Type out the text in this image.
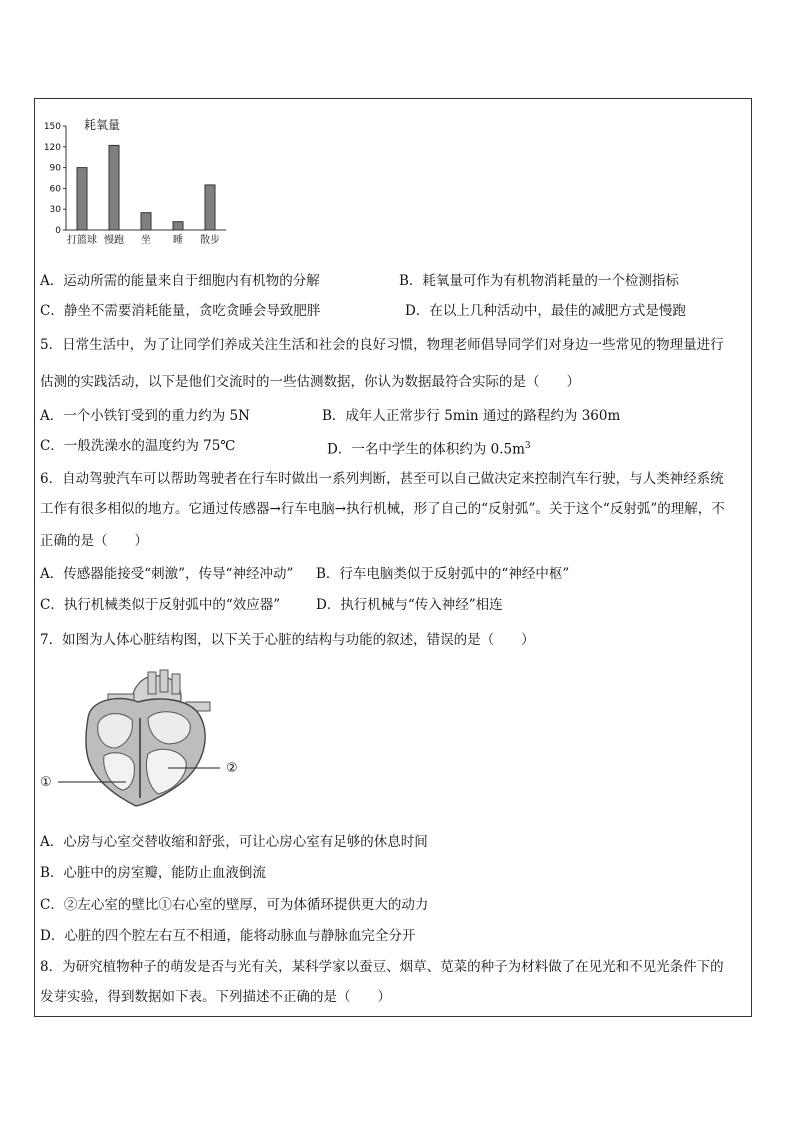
0
30
60
90
120
150
打篮球 慢跑 坐 睡 散步
耗氧量
A．运动所需的能量来自于细胞内有机物的分解	B．耗氧量可作为有机物消耗量的一个检测指标
C．静坐不需要消耗能量，贪吃贪睡会导致肥胖	D．在以上几种活动中，最佳的减肥方式是慢跑
5．日常生活中，为了让同学们养成关注生活和社会的良好习惯，物理老师倡导同学们对身边一些常见的物理量进行
估测的实践活动，以下是他们交流时的一些估测数据，你认为数据最符合实际的是（　　）
A．一个小铁钉受到的重力约为 5N	B．成年人正常步行 5min 通过的路程约为 360m
C．一般洗澡水的温度约为 75℃	D．一名中学生的体积约为 $0.5m^3$
6．自动驾驶汽车可以帮助驾驶者在行车时做出一系列判断，甚至可以自己做决定来控制汽车行驶，与人类神经系统
工作有很多相似的地方。它通过传感器→行车电脑→执行机械，形了自己的“反射弧”。关于这个“反射弧”的理解，不
正确的是（　　）
A．传感器能接受“刺激”，传导“神经冲动” B．行车电脑类似于反射弧中的“神经中枢”
C．执行机械类似于反射弧中的“效应器”	D．执行机械与“传入神经”相连
7．如图为人体心脏结构图，以下关于心脏的结构与功能的叙述，错误的是（　　）
①
②
A．心房与心室交替收缩和舒张，可让心房心室有足够的休息时间
B．心脏中的房室瓣，能防止血液倒流
C．②左心室的壁比①右心室的壁厚，可为体循环提供更大的动力
D．心脏的四个腔左右互不相通，能将动脉血与静脉血完全分开
8．为研究植物种子的萌发是否与光有关，某科学家以蚕豆、烟草、苋菜的种子为材料做了在见光和不见光条件下的
发芽实验，得到数据如下表。下列描述不正确的是（　　）
